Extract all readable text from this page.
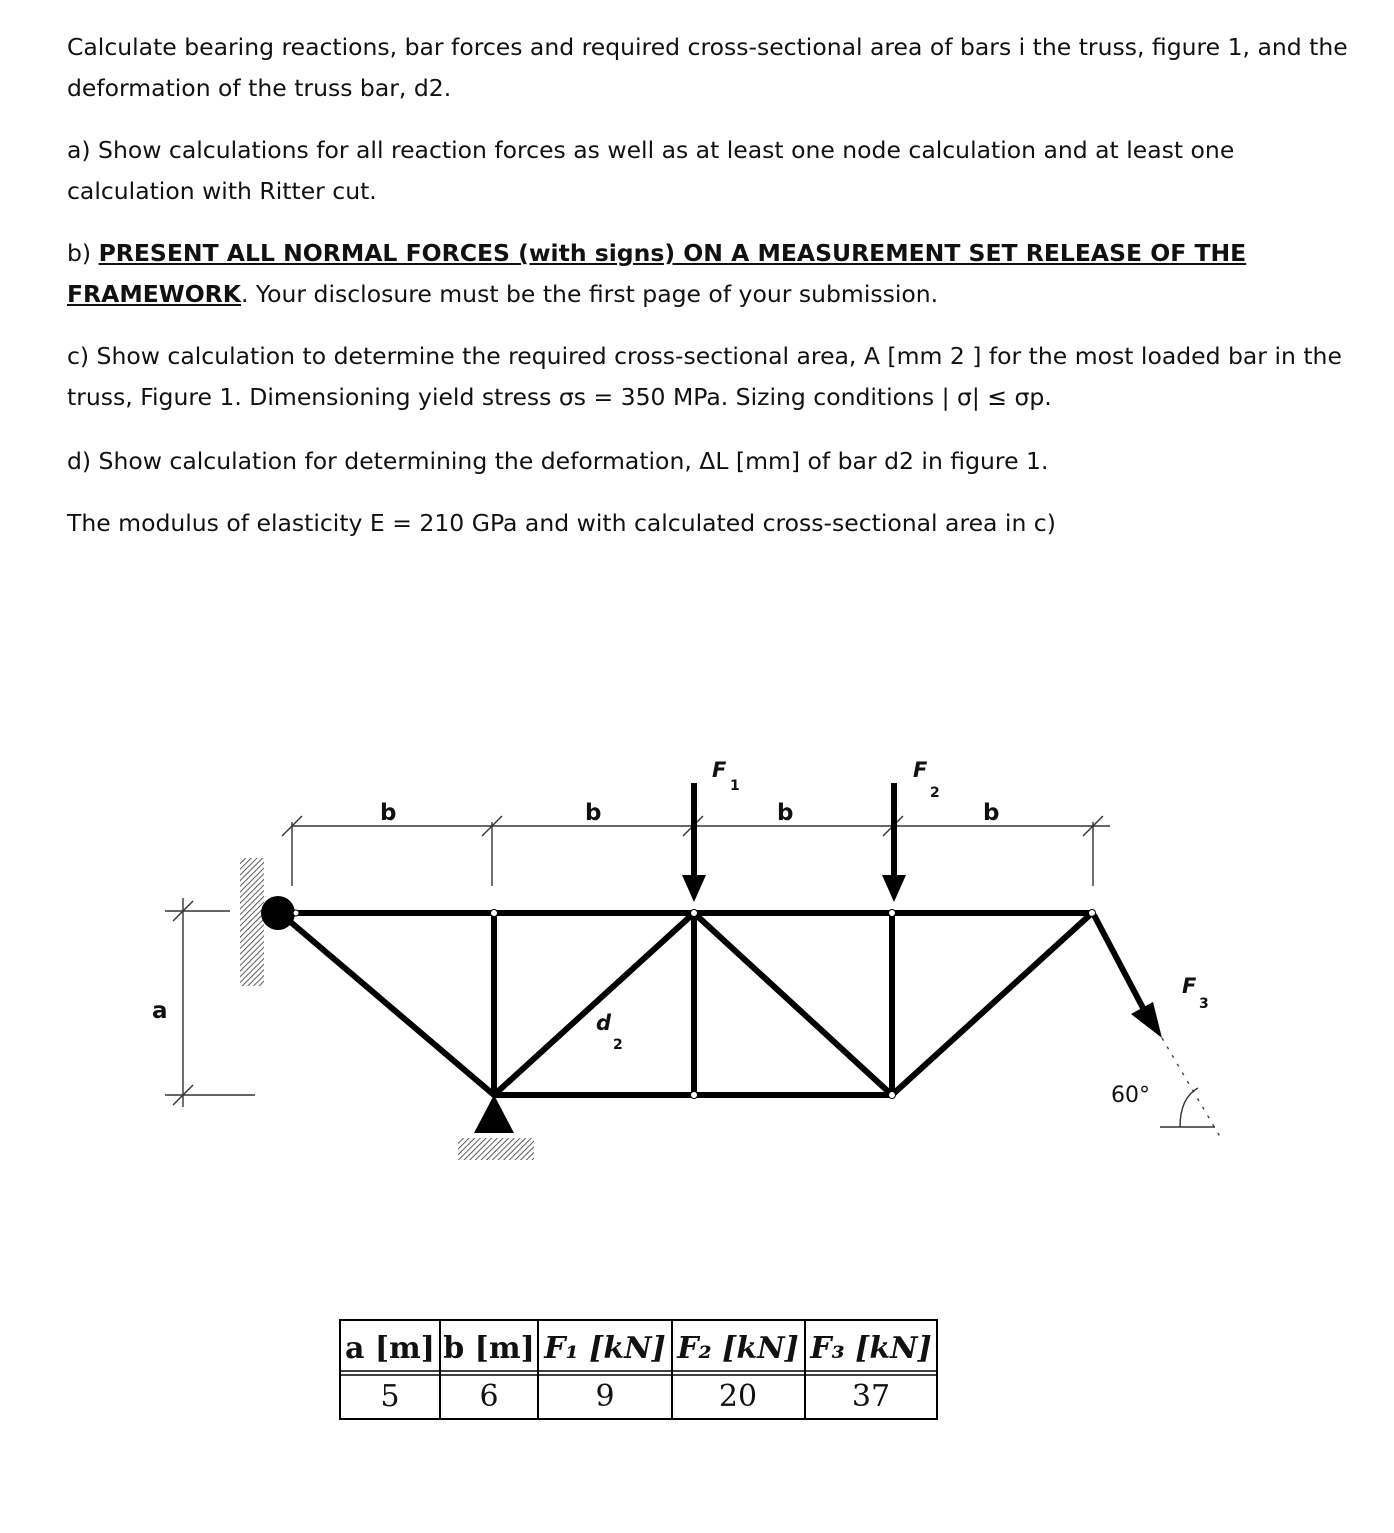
Calculate bearing reactions, bar forces and required cross-sectional area of bars i the truss, figure 1, and the deformation of the truss bar, d2.

a) Show calculations for all reaction forces as well as at least one node calculation and at least one calculation with Ritter cut.

b) PRESENT ALL NORMAL FORCES (with signs) ON A MEASUREMENT SET RELEASE OF THE FRAMEWORK. Your disclosure must be the first page of your submission.

c) Show calculation to determine the required cross-sectional area, A [mm 2 ] for the most loaded bar in the truss, Figure 1. Dimensioning yield stress σs = 350 MPa. Sizing conditions | σ| ≤ σp.

d) Show calculation for determining the deformation, ΔL [mm] of bar d2 in figure 1.

The modulus of elasticity E = 210 GPa and with calculated cross-sectional area in c)

b	b	b	b
a
F
1
F
2
F
3
d
2
60°
a [m] b [m] F₁ [kN] F₂ [kN] F₃ [kN]
5	6	9	20	37
